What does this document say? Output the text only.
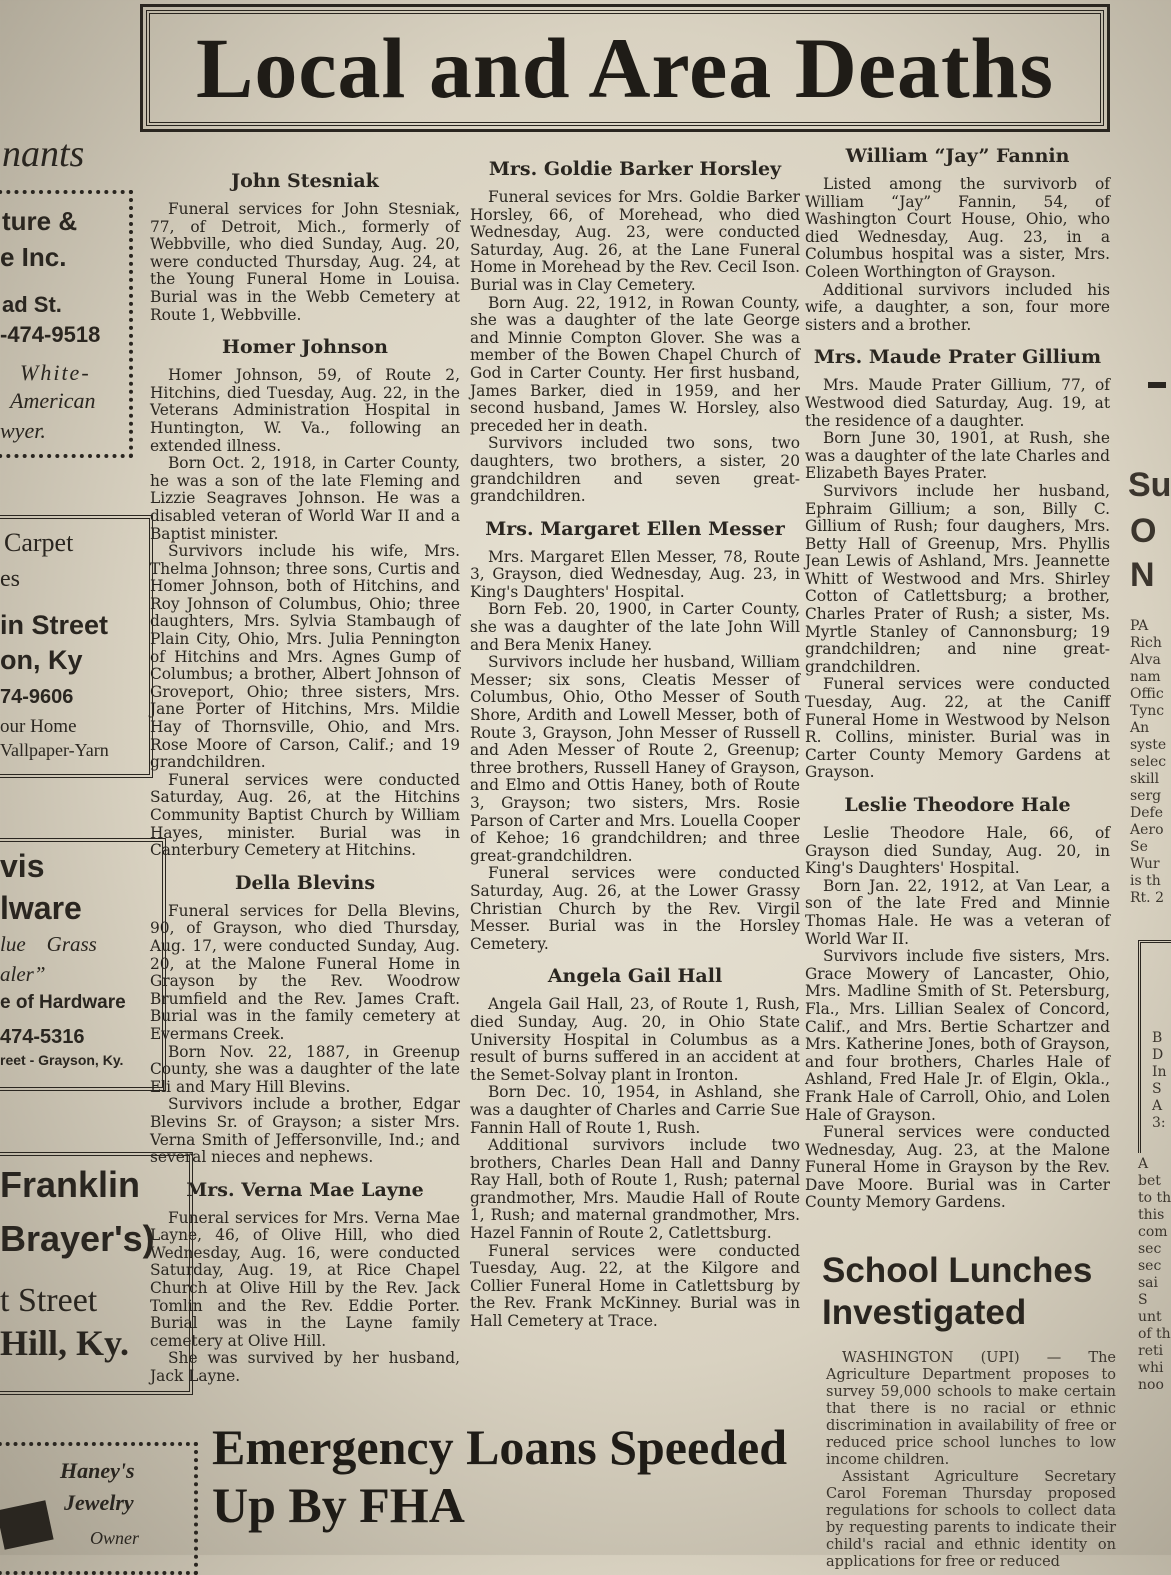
Local and Area Deaths
John Stesniak

Funeral services for John Stesniak, 77, of Detroit, Mich., formerly of Webbville, who died Sunday, Aug. 20, were conducted Thursday, Aug. 24, at the Young Funeral Home in Louisa. Burial was in the Webb Cemetery at Route 1, Webbville.

Homer Johnson

Homer Johnson, 59, of Route 2, Hitchins, died Tuesday, Aug. 22, in the Veterans Administration Hospital in Huntington, W. Va., following an extended illness.

Born Oct. 2, 1918, in Carter County, he was a son of the late Fleming and Lizzie Seagraves Johnson. He was a disabled veteran of World War II and a Baptist minister.

Survivors include his wife, Mrs. Thelma Johnson; three sons, Curtis and Homer Johnson, both of Hitchins, and Roy Johnson of Columbus, Ohio; three daughters, Mrs. Sylvia Stambaugh of Plain City, Ohio, Mrs. Julia Pennington of Hitchins and Mrs. Agnes Gump of Columbus; a brother, Albert Johnson of Groveport, Ohio; three sisters, Mrs. Jane Porter of Hitchins, Mrs. Mildie Hay of Thornsville, Ohio, and Mrs. Rose Moore of Carson, Calif.; and 19 grandchildren.

Funeral services were conducted Saturday, Aug. 26, at the Hitchins Community Baptist Church by William Hayes, minister. Burial was in Canterbury Cemetery at Hitchins.

Della Blevins

Funeral services for Della Blevins, 90, of Grayson, who died Thursday, Aug. 17, were conducted Sunday, Aug. 20, at the Malone Funeral Home in Grayson by the Rev. Woodrow Brumfield and the Rev. James Craft. Burial was in the family cemetery at Evermans Creek.

Born Nov. 22, 1887, in Greenup County, she was a daughter of the late Eli and Mary Hill Blevins.

Survivors include a brother, Edgar Blevins Sr. of Grayson; a sister Mrs. Verna Smith of Jeffersonville, Ind.; and several nieces and nephews.

Mrs. Verna Mae Layne

Funeral services for Mrs. Verna Mae Layne, 46, of Olive Hill, who died Wednesday, Aug. 16, were conducted Saturday, Aug. 19, at Rice Chapel Church at Olive Hill by the Rev. Jack Tomlin and the Rev. Eddie Porter. Burial was in the Layne family cemetery at Olive Hill.

She was survived by her husband, Jack Layne.

Mrs. Goldie Barker Horsley

Funeral sevices for Mrs. Goldie Barker Horsley, 66, of Morehead, who died Wednesday, Aug. 23, were conducted Saturday, Aug. 26, at the Lane Funeral Home in Morehead by the Rev. Cecil Ison. Burial was in Clay Cemetery.

Born Aug. 22, 1912, in Rowan County, she was a daughter of the late George and Minnie Compton Glover. She was a member of the Bowen Chapel Church of God in Carter County. Her first husband, James Barker, died in 1959, and her second husband, James W. Horsley, also preceded her in death.

Survivors included two sons, two daughters, two brothers, a sister, 20 grandchildren and seven great-grandchildren.

Mrs. Margaret Ellen Messer

Mrs. Margaret Ellen Messer, 78, Route 3, Grayson, died Wednesday, Aug. 23, in King's Daughters' Hospital.

Born Feb. 20, 1900, in Carter County, she was a daughter of the late John Will and Bera Menix Haney.

Survivors include her husband, William Messer; six sons, Cleatis Messer of Columbus, Ohio, Otho Messer of South Shore, Ardith and Lowell Messer, both of Route 3, Grayson, John Messer of Russell and Aden Messer of Route 2, Greenup; three brothers, Russell Haney of Grayson, and Elmo and Ottis Haney, both of Route 3, Grayson; two sisters, Mrs. Rosie Parson of Carter and Mrs. Louella Cooper of Kehoe; 16 grandchildren; and three great-grandchildren.

Funeral services were conducted Saturday, Aug. 26, at the Lower Grassy Christian Church by the Rev. Virgil Messer. Burial was in the Horsley Cemetery.

Angela Gail Hall

Angela Gail Hall, 23, of Route 1, Rush, died Sunday, Aug. 20, in Ohio State University Hospital in Columbus as a result of burns suffered in an accident at the Semet-Solvay plant in Ironton.

Born Dec. 10, 1954, in Ashland, she was a daughter of Charles and Carrie Sue Fannin Hall of Route 1, Rush.

Additional survivors include two brothers, Charles Dean Hall and Danny Ray Hall, both of Route 1, Rush; paternal grandmother, Mrs. Maudie Hall of Route 1, Rush; and maternal grandmother, Mrs. Hazel Fannin of Route 2, Catlettsburg.

Funeral services were conducted Tuesday, Aug. 22, at the Kilgore and Collier Funeral Home in Catlettsburg by the Rev. Frank McKinney. Burial was in Hall Cemetery at Trace.

William “Jay” Fannin

Listed among the survivorb of William “Jay” Fannin, 54, of Washington Court House, Ohio, who died Wednesday, Aug. 23, in a Columbus hospital was a sister, Mrs. Coleen Worthington of Grayson.

Additional survivors included his wife, a daughter, a son, four more sisters and a brother.

Mrs. Maude Prater Gillium

Mrs. Maude Prater Gillium, 77, of Westwood died Saturday, Aug. 19, at the residence of a daughter.

Born June 30, 1901, at Rush, she was a daughter of the late Charles and Elizabeth Bayes Prater.

Survivors include her husband, Ephraim Gillium; a son, Billy C. Gillium of Rush; four daughers, Mrs. Betty Hall of Greenup, Mrs. Phyllis Jean Lewis of Ashland, Mrs. Jeannette Whitt of Westwood and Mrs. Shirley Cotton of Catlettsburg; a brother, Charles Prater of Rush; a sister, Ms. Myrtle Stanley of Cannonsburg; 19 grandchildren; and nine great-grandchildren.

Funeral services were conducted Tuesday, Aug. 22, at the Caniff Funeral Home in Westwood by Nelson R. Collins, minister. Burial was in Carter County Memory Gardens at Grayson.

Leslie Theodore Hale

Leslie Theodore Hale, 66, of Grayson died Sunday, Aug. 20, in King's Daughters' Hospital.

Born Jan. 22, 1912, at Van Lear, a son of the late Fred and Minnie Thomas Hale. He was a veteran of World War II.

Survivors include five sisters, Mrs. Grace Mowery of Lancaster, Ohio, Mrs. Madline Smith of St. Petersburg, Fla., Mrs. Lillian Sealex of Concord, Calif., and Mrs. Bertie Schartzer and Mrs. Katherine Jones, both of Grayson, and four brothers, Charles Hale of Ashland, Fred Hale Jr. of Elgin, Okla., Frank Hale of Carroll, Ohio, and Lolen Hale of Grayson.

Funeral services were conducted Wednesday, Aug. 23, at the Malone Funeral Home in Grayson by the Rev. Dave Moore. Burial was in Carter County Memory Gardens.

nants
ture &
e Inc.
ad St.
-474-9518
White-
American
wyer.
Carpet
es
in Street
on, Ky
74-9606
our Home
Vallpaper-Yarn
vis
lware
lue    Grass
aler”
e of Hardware
474-5316
reet - Grayson, Ky.
Franklin
Brayer's)
t Street
Hill, Ky.
Haney's
Jewelry
Owner
School Lunches Investigated

WASHINGTON (UPI) — The Agriculture Department proposes to survey 59,000 schools to make certain that there is no racial or ethnic discrimination in availability of free or reduced price school lunches to low income children.

Assistant Agriculture Secretary Carol Foreman Thursday proposed regulations for schools to collect data by requesting parents to indicate their child's racial and ethnic identity on applications for free or reduced

Emergency Loans Speeded Up By FHA
Su
O
N
PA
Rich
Alva
nam
Offic
Tync
An
syste
selec
skill
serg
Defe
Aero
Se
Wur
is th
Rt. 2
B
D
In
S
A
3:
A
bet
to th
this
com
sec
sec
sai
S
unt
of th
reti
whi
noo
